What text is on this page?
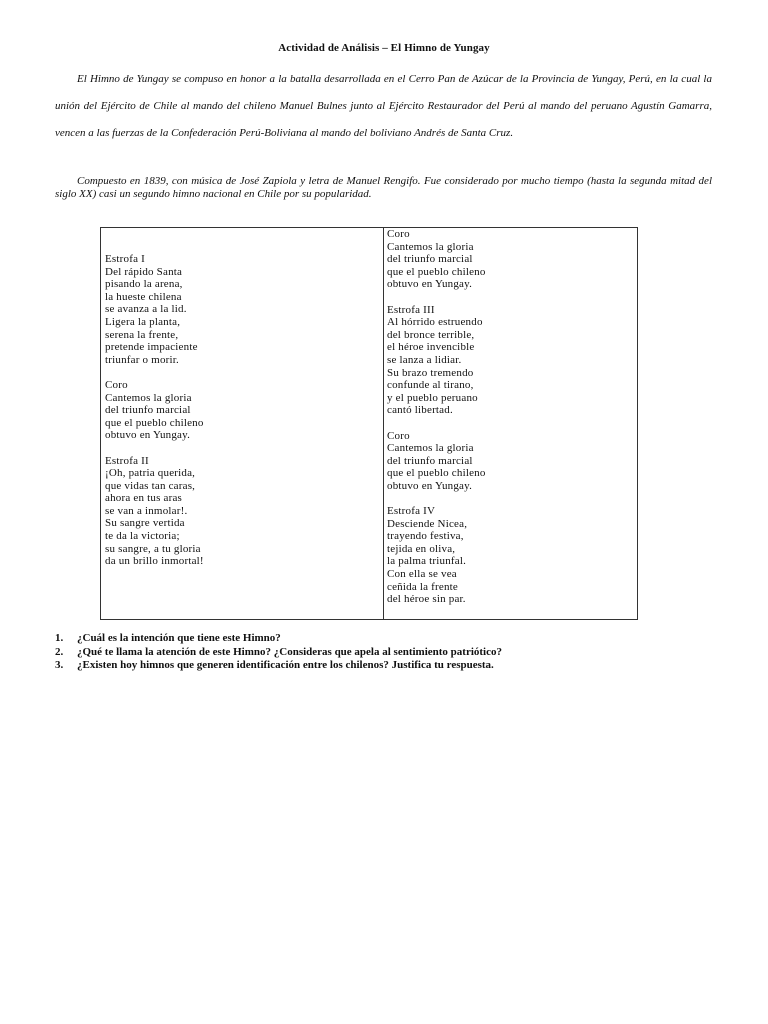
Actividad de Análisis – El Himno de Yungay

El Himno de Yungay se compuso en honor a la batalla desarrollada en el Cerro Pan de Azúcar de la Provincia de Yungay, Perú, en la cual la unión del Ejército de Chile al mando del chileno Manuel Bulnes junto al Ejército Restaurador del Perú al mando del peruano Agustín Gamarra, vencen a las fuerzas de la Confederación Perú-Boliviana al mando del boliviano Andrés de Santa Cruz.

Compuesto en 1839, con música de José Zapiola y letra de Manuel Rengifo. Fue considerado por mucho tiempo (hasta la segunda mitad del siglo XX) casi un segundo himno nacional en Chile por su popularidad.

Estrofa I
Del rápido Santa
pisando la arena,
la hueste chilena
se avanza a la lid.
Ligera la planta,
serena la frente,
pretende impaciente
triunfar o morir.
Coro
Cantemos la gloria
del triunfo marcial
que el pueblo chileno
obtuvo en Yungay.
Estrofa II
¡Oh, patria querida,
que vidas tan caras,
ahora en tus aras
se van a inmolar!.
Su sangre vertida
te da la victoria;
su sangre, a tu gloria
da un brillo inmortal!
Coro
Cantemos la gloria
del triunfo marcial
que el pueblo chileno
obtuvo en Yungay.
Estrofa III
Al hórrido estruendo
del bronce terrible,
el héroe invencible
se lanza a lidiar.
Su brazo tremendo
confunde al tirano,
y el pueblo peruano
cantó libertad.
Coro
Cantemos la gloria
del triunfo marcial
que el pueblo chileno
obtuvo en Yungay.
Estrofa IV
Desciende Nicea,
trayendo festiva,
tejida en oliva,
la palma triunfal.
Con ella se vea
ceñida la frente
del héroe sin par.
1. ¿Cuál es la intención que tiene este Himno?
2. ¿Qué te llama la atención de este Himno? ¿Consideras que apela al sentimiento patriótico?
3. ¿Existen hoy himnos que generen identificación entre los chilenos? Justifica tu respuesta.
